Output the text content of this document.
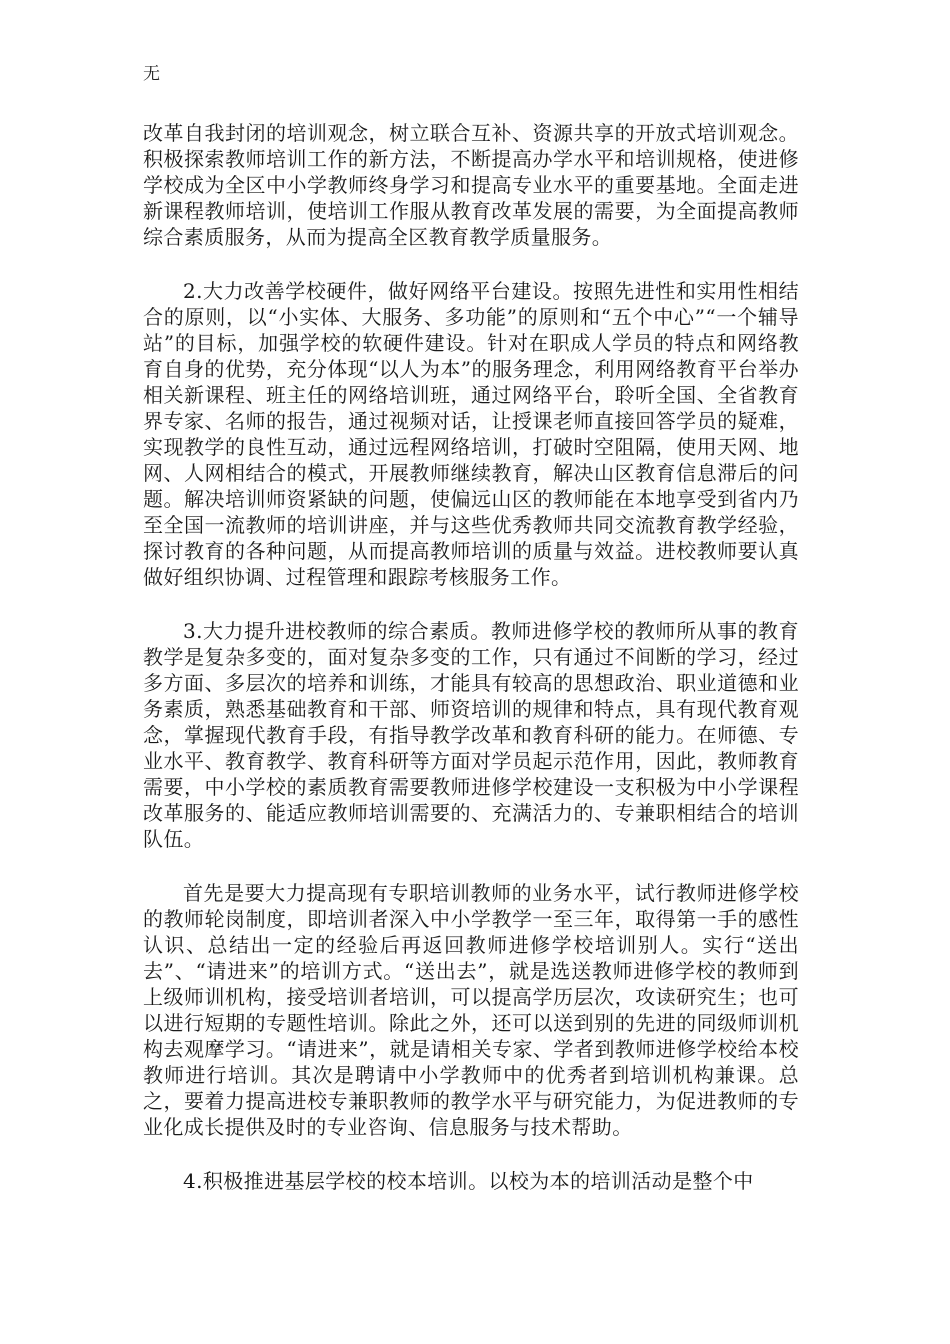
无

改革自我封闭的培训观念，树立联合互补、资源共享的开放式培训观念。积极探索教师培训工作的新方法，不断提高办学水平和培训规格，使进修学校成为全区中小学教师终身学习和提高专业水平的重要基地。全面走进新课程教师培训，使培训工作服从教育改革发展的需要，为全面提高教师综合素质服务，从而为提高全区教育教学质量服务。

2.大力改善学校硬件，做好网络平台建设。按照先进性和实用性相结合的原则，以“小实体、大服务、多功能”的原则和“五个中心”“一个辅导站”的目标，加强学校的软硬件建设。针对在职成人学员的特点和网络教育自身的优势，充分体现“以人为本”的服务理念，利用网络教育平台举办相关新课程、班主任的网络培训班，通过网络平台，聆听全国、全省教育界专家、名师的报告，通过视频对话，让授课老师直接回答学员的疑难，实现教学的良性互动，通过远程网络培训，打破时空阻隔，使用天网、地网、人网相结合的模式，开展教师继续教育，解决山区教育信息滞后的问题。解决培训师资紧缺的问题，使偏远山区的教师能在本地享受到省内乃至全国一流教师的培训讲座，并与这些优秀教师共同交流教育教学经验，探讨教育的各种问题，从而提高教师培训的质量与效益。进校教师要认真做好组织协调、过程管理和跟踪考核服务工作。

3.大力提升进校教师的综合素质。教师进修学校的教师所从事的教育教学是复杂多变的，面对复杂多变的工作，只有通过不间断的学习，经过多方面、多层次的培养和训练，才能具有较高的思想政治、职业道德和业务素质，熟悉基础教育和干部、师资培训的规律和特点，具有现代教育观念，掌握现代教育手段，有指导教学改革和教育科研的能力。在师德、专业水平、教育教学、教育科研等方面对学员起示范作用，因此，教师教育需要，中小学校的素质教育需要教师进修学校建设一支积极为中小学课程改革服务的、能适应教师培训需要的、充满活力的、专兼职相结合的培训队伍。

首先是要大力提高现有专职培训教师的业务水平，试行教师进修学校的教师轮岗制度，即培训者深入中小学教学一至三年，取得第一手的感性认识、总结出一定的经验后再返回教师进修学校培训别人。实行“送出去”、“请进来”的培训方式。“送出去”，就是选送教师进修学校的教师到上级师训机构，接受培训者培训，可以提高学历层次，攻读研究生；也可以进行短期的专题性培训。除此之外，还可以送到别的先进的同级师训机构去观摩学习。“请进来”，就是请相关专家、学者到教师进修学校给本校教师进行培训。其次是聘请中小学教师中的优秀者到培训机构兼课。总之，要着力提高进校专兼职教师的教学水平与研究能力，为促进教师的专业化成长提供及时的专业咨询、信息服务与技术帮助。

4.积极推进基层学校的校本培训。以校为本的培训活动是整个中
